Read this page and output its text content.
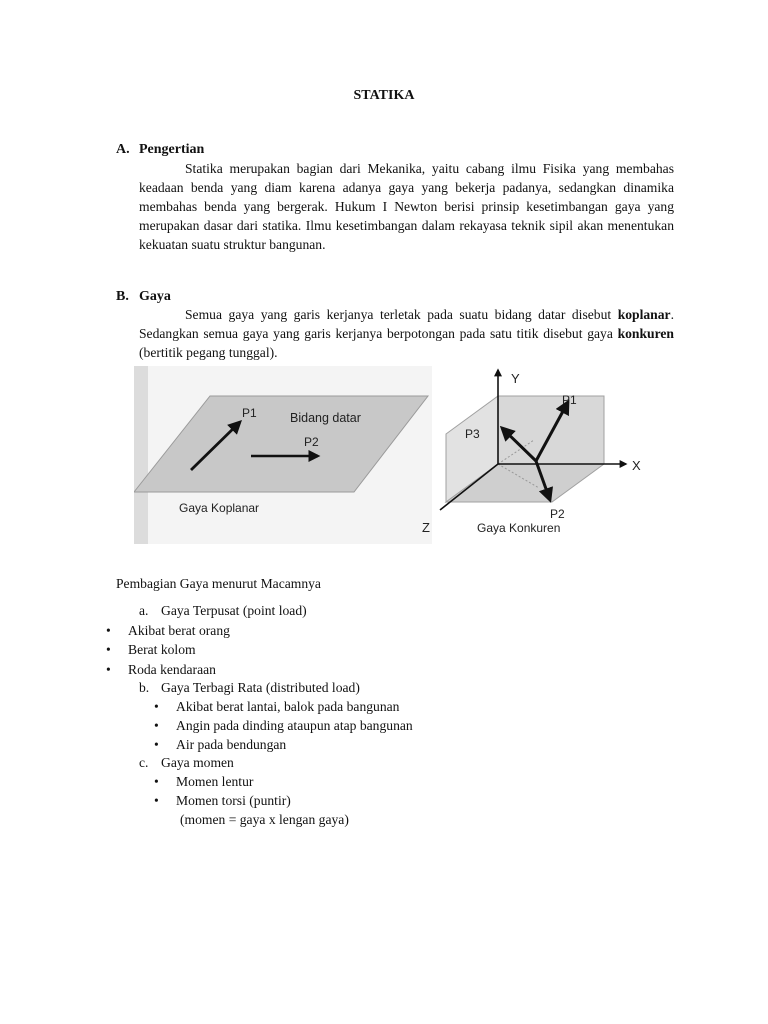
STATIKA
A. Pengertian
Statika merupakan bagian dari Mekanika, yaitu cabang ilmu Fisika yang membahas keadaan benda yang diam karena adanya gaya yang bekerja padanya, sedangkan dinamika membahas benda yang bergerak. Hukum I Newton berisi prinsip kesetimbangan gaya yang merupakan dasar dari statika. Ilmu kesetimbangan dalam rekayasa teknik sipil akan menentukan kekuatan suatu struktur bangunan.
B. Gaya
Semua gaya yang garis kerjanya terletak pada suatu bidang datar disebut koplanar. Sedangkan semua gaya yang garis kerjanya berpotongan pada satu titik disebut gaya konkuren (bertitik pegang tunggal).
P1
P2
Bidang datar
Gaya Koplanar
Y
X
Z
P1
P3
P2
Gaya Konkuren
Pembagian Gaya menurut Macamnya
a. Gaya Terpusat (point load)
• Akibat berat orang
• Berat kolom
• Roda kendaraan
b. Gaya Terbagi Rata (distributed load)
• Akibat berat lantai, balok pada bangunan
• Angin pada dinding ataupun atap bangunan
• Air pada bendungan
c. Gaya momen
• Momen lentur
• Momen torsi (puntir)
(momen = gaya x lengan gaya)
